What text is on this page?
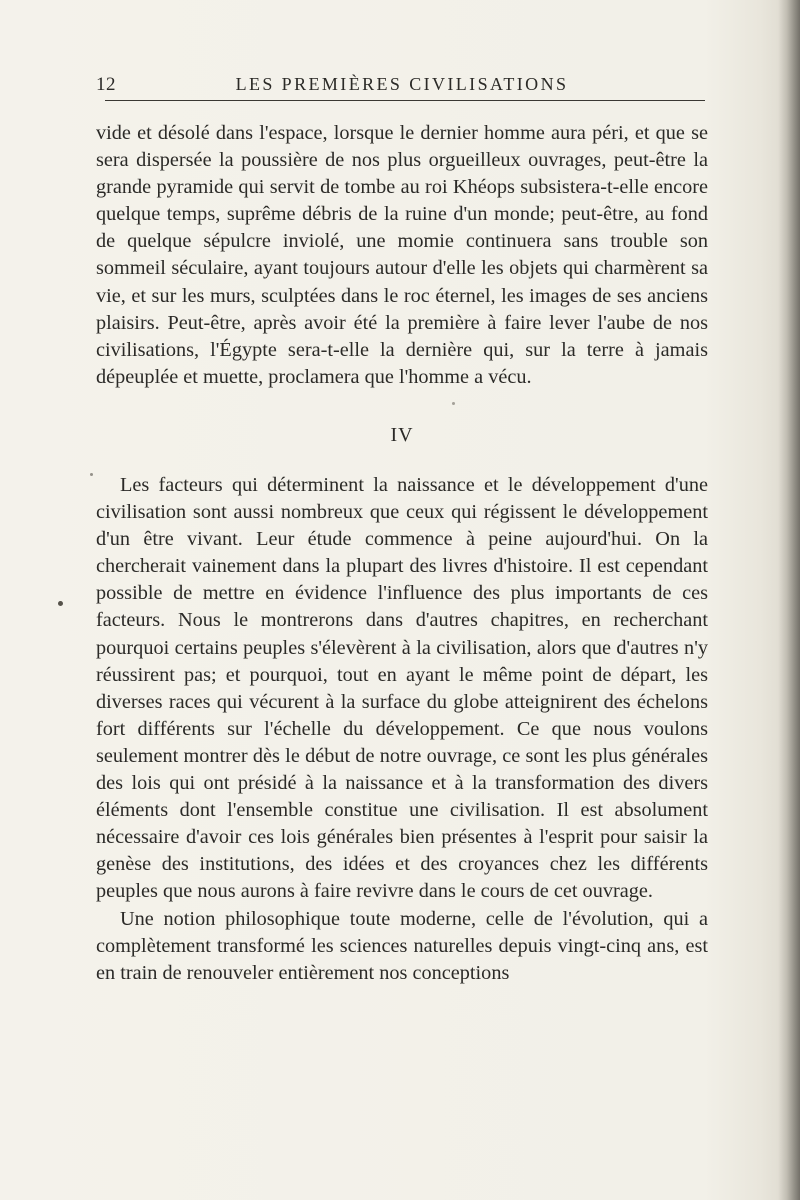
12	LES PREMIÈRES CIVILISATIONS

vide et désolé dans l'espace, lorsque le dernier homme aura péri, et que se sera dispersée la poussière de nos plus orgueilleux ouvrages, peut-être la grande pyramide qui servit de tombe au roi Khéops subsistera-t-elle encore quelque temps, suprême débris de la ruine d'un monde; peut-être, au fond de quelque sépulcre inviolé, une momie continuera sans trouble son sommeil séculaire, ayant toujours autour d'elle les objets qui charmèrent sa vie, et sur les murs, sculptées dans le roc éternel, les images de ses anciens plaisirs. Peut-être, après avoir été la première à faire lever l'aube de nos civilisations, l'Égypte sera-t-elle la dernière qui, sur la terre à jamais dépeuplée et muette, proclamera que l'homme a vécu.

IV

Les facteurs qui déterminent la naissance et le développement d'une civilisation sont aussi nombreux que ceux qui régissent le développement d'un être vivant. Leur étude commence à peine aujourd'hui. On la chercherait vainement dans la plupart des livres d'histoire. Il est cependant possible de mettre en évidence l'influence des plus importants de ces facteurs. Nous le montrerons dans d'autres chapitres, en recherchant pourquoi certains peuples s'élevèrent à la civilisation, alors que d'autres n'y réussirent pas; et pourquoi, tout en ayant le même point de départ, les diverses races qui vécurent à la surface du globe atteignirent des échelons fort différents sur l'échelle du développement. Ce que nous voulons seulement montrer dès le début de notre ouvrage, ce sont les plus générales des lois qui ont présidé à la naissance et à la transformation des divers éléments dont l'ensemble constitue une civilisation. Il est absolument nécessaire d'avoir ces lois générales bien présentes à l'esprit pour saisir la genèse des institutions, des idées et des croyances chez les différents peuples que nous aurons à faire revivre dans le cours de cet ouvrage.

Une notion philosophique toute moderne, celle de l'évolution, qui a complètement transformé les sciences naturelles depuis vingt-cinq ans, est en train de renouveler entièrement nos conceptions
